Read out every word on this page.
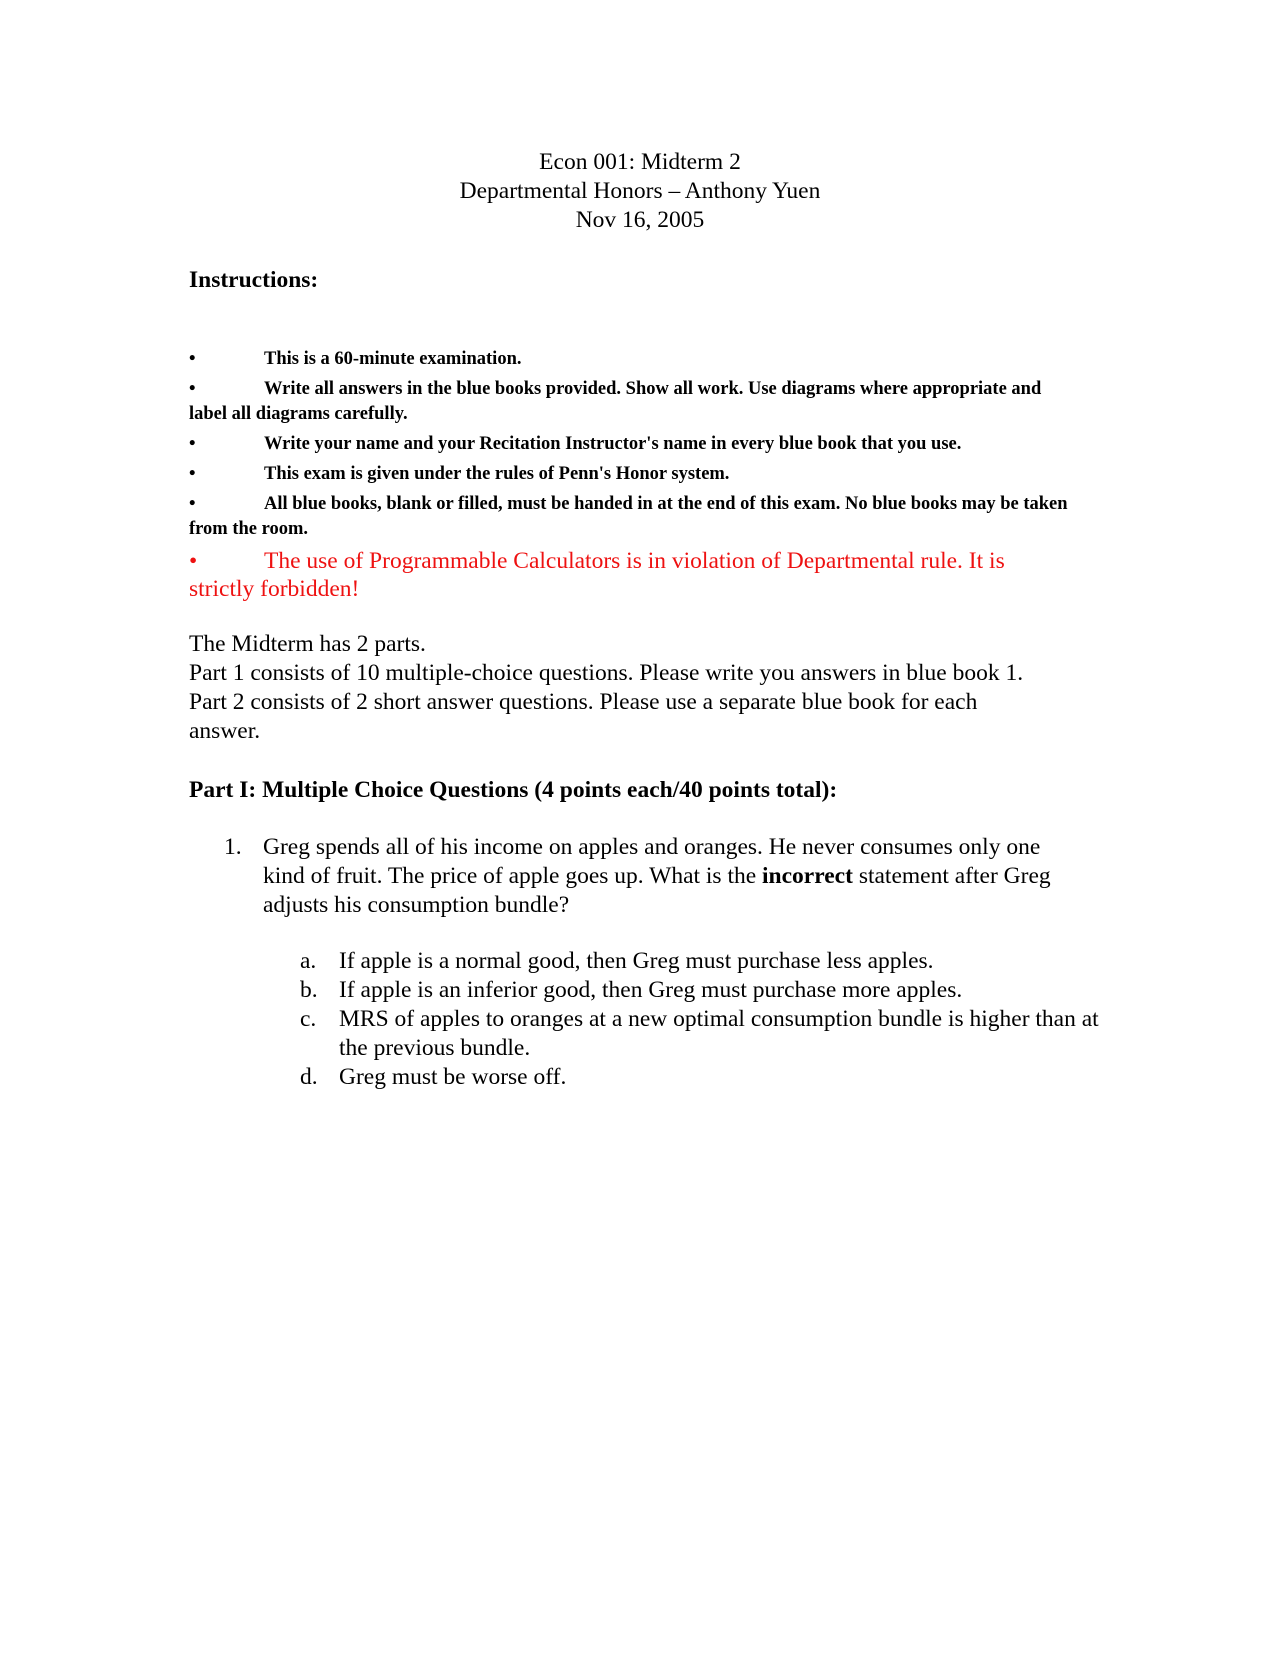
Econ 001: Midterm 2
Departmental Honors – Anthony Yuen
Nov 16, 2005
Instructions:
•	This is a 60-minute examination.
•	Write all answers in the blue books provided. Show all work. Use diagrams where appropriate and label all diagrams carefully.
•	Write your name and your Recitation Instructor's name in every blue book that you use.
•	This exam is given under the rules of Penn's Honor system.
•	All blue books, blank or filled, must be handed in at the end of this exam. No blue books may be taken from the room.
•	The use of Programmable Calculators is in violation of Departmental rule. It is strictly forbidden!
The Midterm has 2 parts.
Part 1 consists of 10 multiple-choice questions. Please write you answers in blue book 1.
Part 2 consists of 2 short answer questions. Please use a separate blue book for each answer.
Part I: Multiple Choice Questions (4 points each/40 points total):
1. Greg spends all of his income on apples and oranges. He never consumes only one kind of fruit. The price of apple goes up. What is the incorrect statement after Greg adjusts his consumption bundle?
a. If apple is a normal good, then Greg must purchase less apples.
b. If apple is an inferior good, then Greg must purchase more apples.
c. MRS of apples to oranges at a new optimal consumption bundle is higher than at the previous bundle.
d. Greg must be worse off.
